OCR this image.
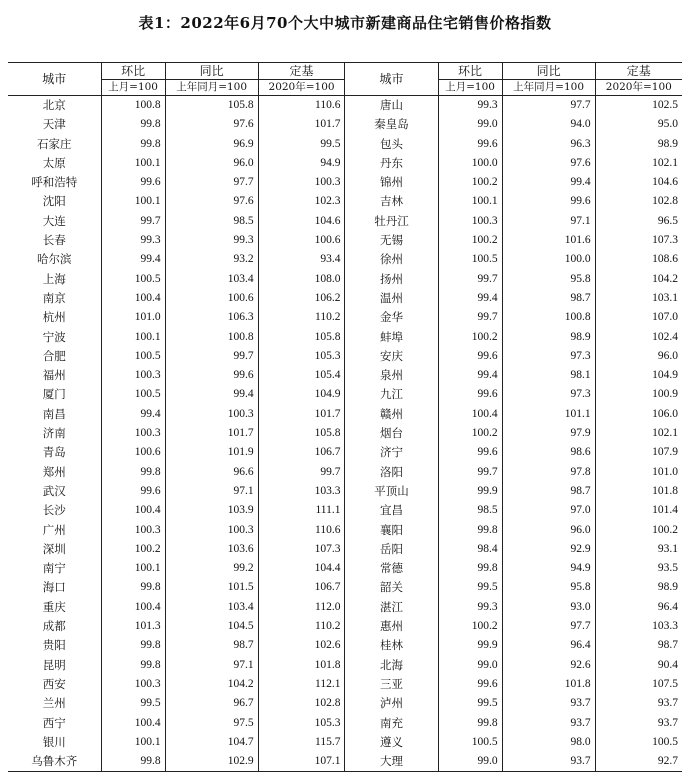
表1：2022年6月70个大中城市新建商品住宅销售价格指数
城市	环比	同比	定基	城市	环比	同比	定基
	上月=100	上年同月=100	2020年=100		上月=100	上年同月=100	2020年=100
北京	100.8	105.8	110.6	唐山	99.3	97.7	102.5
天津	99.8	97.6	101.7	秦皇岛	99.0	94.0	95.0
石家庄	99.8	96.9	99.5	包头	99.6	96.3	98.9
太原	100.1	96.0	94.9	丹东	100.0	97.6	102.1
呼和浩特	99.6	97.7	100.3	锦州	100.2	99.4	104.6
沈阳	100.1	97.6	102.3	吉林	100.1	99.6	102.8
大连	99.7	98.5	104.6	牡丹江	100.3	97.1	96.5
长春	99.3	99.3	100.6	无锡	100.2	101.6	107.3
哈尔滨	99.4	93.2	93.4	徐州	100.5	100.0	108.6
上海	100.5	103.4	108.0	扬州	99.7	95.8	104.2
南京	100.4	100.6	106.2	温州	99.4	98.7	103.1
杭州	101.0	106.3	110.2	金华	99.7	100.8	107.0
宁波	100.1	100.8	105.8	蚌埠	100.2	98.9	102.4
合肥	100.5	99.7	105.3	安庆	99.6	97.3	96.0
福州	100.3	99.6	105.4	泉州	99.4	98.1	104.9
厦门	100.5	99.4	104.9	九江	99.6	97.3	100.9
南昌	99.4	100.3	101.7	赣州	100.4	101.1	106.0
济南	100.3	101.7	105.8	烟台	100.2	97.9	102.1
青岛	100.6	101.9	106.7	济宁	99.6	98.6	107.9
郑州	99.8	96.6	99.7	洛阳	99.7	97.8	101.0
武汉	99.6	97.1	103.3	平顶山	99.9	98.7	101.8
长沙	100.4	103.9	111.1	宜昌	98.5	97.0	101.4
广州	100.3	100.3	110.6	襄阳	99.8	96.0	100.2
深圳	100.2	103.6	107.3	岳阳	98.4	92.9	93.1
南宁	100.1	99.2	104.4	常德	99.8	94.9	93.5
海口	99.8	101.5	106.7	韶关	99.5	95.8	98.9
重庆	100.4	103.4	112.0	湛江	99.3	93.0	96.4
成都	101.3	104.5	110.2	惠州	100.2	97.7	103.3
贵阳	99.8	98.7	102.6	桂林	99.9	96.4	98.7
昆明	99.8	97.1	101.8	北海	99.0	92.6	90.4
西安	100.3	104.2	112.1	三亚	99.6	101.8	107.5
兰州	99.5	96.7	102.8	泸州	99.5	93.7	93.7
西宁	100.4	97.5	105.3	南充	99.8	93.7	93.7
银川	100.1	104.7	115.7	遵义	100.5	98.0	100.5
乌鲁木齐	99.8	102.9	107.1	大理	99.0	93.7	92.7
